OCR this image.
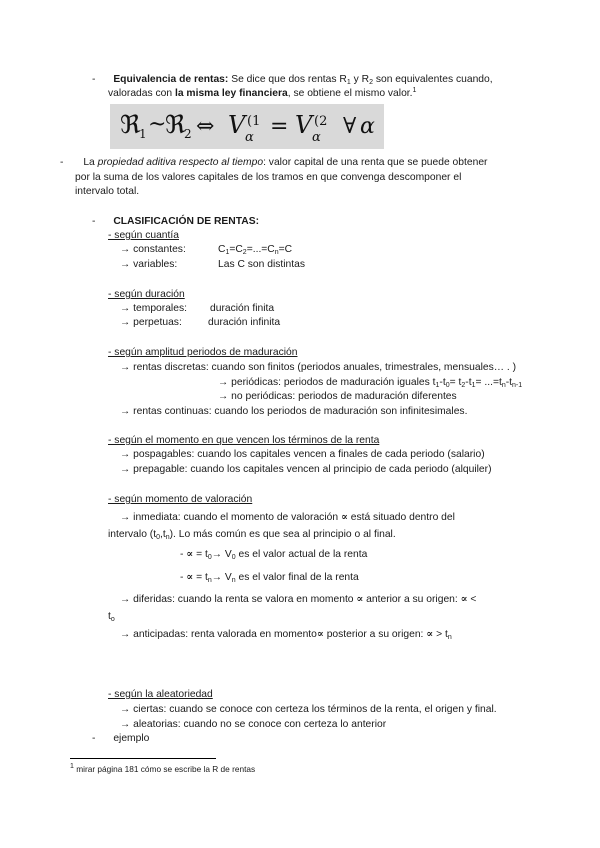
- Equivalencia de rentas: Se dice que dos rentas $R_1$ y $R_2$ son equivalentes cuando,
valoradas con la misma ley financiera, se obtiene el mismo valor.$^1$
ℜ
1 ~
ℜ
2 ⇔ V α
(1 = V α
(2 ∀ α
- La propiedad aditiva respecto al tiempo: valor capital de una renta que se puede obtener
por la suma de los valores capitales de los tramos en que convenga descomponer el
intervalo total.
- CLASIFICACIÓN DE RENTAS:
- según cuantía
→ constantes:	$C_1=C_2=...=C_n=C$
→ variables:	Las C son distintas
- según duración
→ temporales: duración finita
→ perpetuas:	duración infinita
- según amplitud periodos de maduración
→ rentas discretas: cuando son finitos (periodos anuales, trimestrales, mensuales… . )
→ periódicas: periodos de maduración iguales $t_1-t_0= t_2-t_1= ...=t_n-t_{n-1}$
→ no periódicas: periodos de maduración diferentes
→ rentas continuas: cuando los periodos de maduración son infinitesimales.
- según el momento en que vencen los términos de la renta
→ pospagables: cuando los capitales vencen a finales de cada periodo (salario)
→ prepagable: cuando los capitales vencen al principio de cada periodo (alquiler)
- según momento de valoración
→ inmediata: cuando el momento de valoración ∝ está situado dentro del
intervalo $(t_0,t_n)$. Lo más común es que sea al principio o al final.
- ∝ = $t_0\to V_0$ es el valor actual de la renta
- ∝ = $t_n\to V_n$ es el valor final de la renta
→ diferidas: cuando la renta se valora en momento ∝ anterior a su origen: ∝ <
$t_o$
→ anticipadas: renta valorada en momento∝ posterior a su origen: ∝ > $t_n$
- según la aleatoriedad
→ ciertas: cuando se conoce con certeza los términos de la renta, el origen y final.
→ aleatorias: cuando no se conoce con certeza lo anterior
- ejemplo
$^1$ mirar página 181 cómo se escribe la R de rentas
